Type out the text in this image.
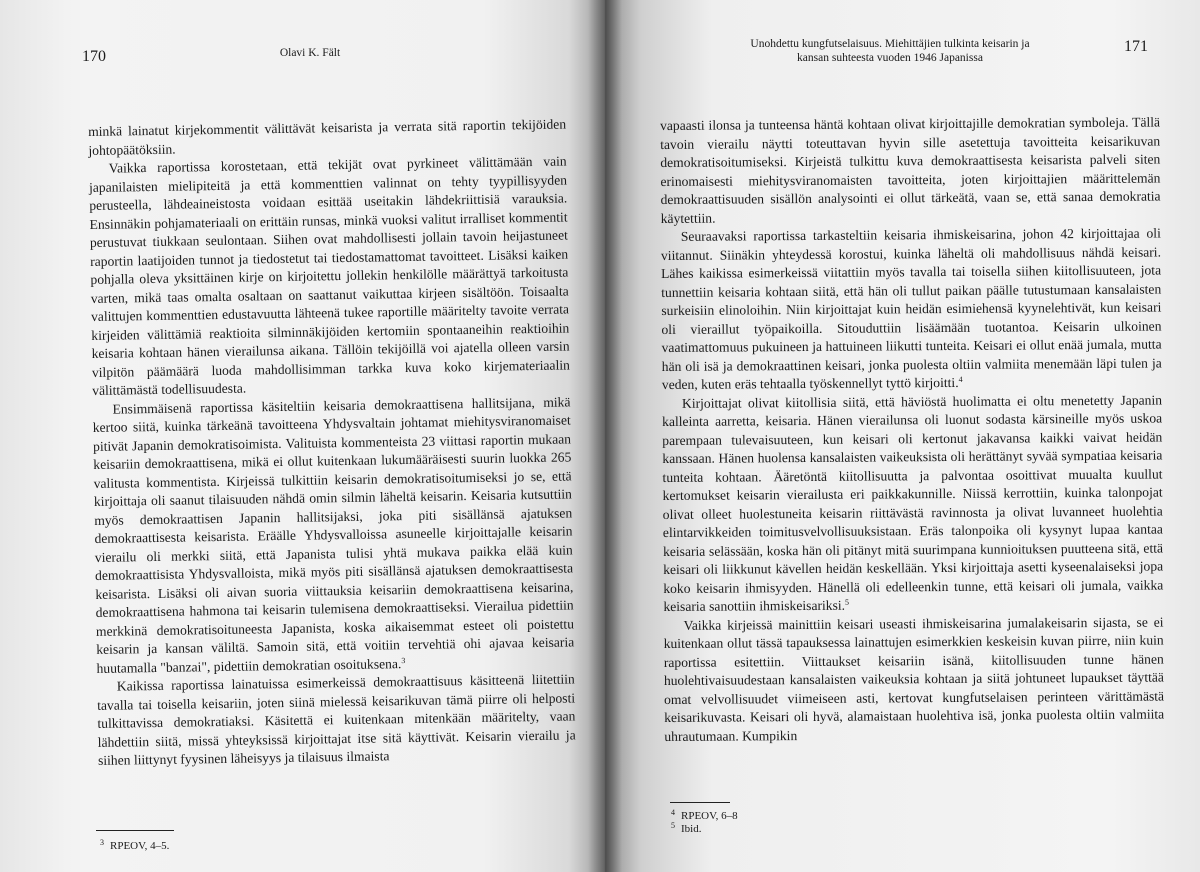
170	Olavi K. Fält

minkä lainatut kirjekommentit välittävät keisarista ja verrata sitä raportin tekijöiden johtopäätöksiin.

Vaikka raportissa korostetaan, että tekijät ovat pyrkineet välittämään vain japanilaisten mielipiteitä ja että kommenttien valinnat on tehty tyypillisyyden perusteella, lähdeaineistosta voidaan esittää useitakin lähdekriittisiä varauksia. Ensinnäkin pohjamateriaali on erittäin runsas, minkä vuoksi valitut irralliset kommentit perustuvat tiukkaan seulontaan. Siihen ovat mahdollisesti jollain tavoin heijastuneet raportin laatijoiden tunnot ja tiedostetut tai tiedostamattomat tavoitteet. Lisäksi kaiken pohjalla oleva yksittäinen kirje on kirjoitettu jollekin henkilölle määrättyä tarkoitusta varten, mikä taas omalta osaltaan on saattanut vaikuttaa kirjeen sisältöön. Toisaalta valittujen kommenttien edustavuutta lähteenä tukee raportille määritelty tavoite verrata kirjeiden välittämiä reaktioita silminnäkijöiden kertomiin spontaaneihin reaktioihin keisaria kohtaan hänen vierailunsa aikana. Tällöin tekijöillä voi ajatella olleen varsin vilpitön päämäärä luoda mahdollisimman tarkka kuva koko kirjemateriaalin välittämästä todellisuudesta.

Ensimmäisenä raportissa käsiteltiin keisaria demokraattisena hallitsijana, mikä kertoo siitä, kuinka tärkeänä tavoitteena Yhdysvaltain johtamat miehitysviranomaiset pitivät Japanin demokratisoimista. Valituista kommenteista 23 viittasi raportin mukaan keisariin demokraattisena, mikä ei ollut kuitenkaan lukumääräisesti suurin luokka 265 valitusta kommentista. Kirjeissä tulkittiin keisarin demokratisoitumiseksi jo se, että kirjoittaja oli saanut tilaisuuden nähdä omin silmin läheltä keisarin. Keisaria kutsuttiin myös demokraattisen Japanin hallitsijaksi, joka piti sisällänsä ajatuksen demokraattisesta keisarista. Eräälle Yhdysvalloissa asuneelle kirjoittajalle keisarin vierailu oli merkki siitä, että Japanista tulisi yhtä mukava paikka elää kuin demokraattisista Yhdysvalloista, mikä myös piti sisällänsä ajatuksen demokraattisesta keisarista. Lisäksi oli aivan suoria viittauksia keisariin demokraattisena keisarina, demokraattisena hahmona tai keisarin tulemisena demokraattiseksi. Vierailua pidettiin merkkinä demokratisoituneesta Japanista, koska aikaisemmat esteet oli poistettu keisarin ja kansan väliltä. Samoin sitä, että voitiin tervehtiä ohi ajavaa keisaria huutamalla "banzai", pidettiin demokratian osoituksena.$^3$

Kaikissa raportissa lainatuissa esimerkeissä demokraattisuus käsitteenä liitettiin tavalla tai toisella keisariin, joten siinä mielessä keisarikuvan tämä piirre oli helposti tulkittavissa demokratiaksi. Käsitettä ei kuitenkaan mitenkään määritelty, vaan lähdettiin siitä, missä yhteyksissä kirjoittajat itse sitä käyttivät. Keisarin vierailu ja siihen liittynyt fyysinen läheisyys ja tilaisuus ilmaista

$^3$ RPEOV, 4–5.
Unohdettu kungfutselaisuus. Miehittäjien tulkinta keisarin ja
kansan suhteesta vuoden 1946 Japanissa
171

vapaasti ilonsa ja tunteensa häntä kohtaan olivat kirjoittajille demokratian symboleja. Tällä tavoin vierailu näytti toteuttavan hyvin sille asetettuja tavoitteita keisarikuvan demokratisoitumiseksi. Kirjeistä tulkittu kuva demokraattisesta keisarista palveli siten erinomaisesti miehitysviranomaisten tavoitteita, joten kirjoittajien määrittelemän demokraattisuuden sisällön analysointi ei ollut tärkeätä, vaan se, että sanaa demokratia käytettiin.

Seuraavaksi raportissa tarkasteltiin keisaria ihmiskeisarina, johon 42 kirjoittajaa oli viitannut. Siinäkin yhteydessä korostui, kuinka läheltä oli mahdollisuus nähdä keisari. Lähes kaikissa esimerkeissä viitattiin myös tavalla tai toisella siihen kiitollisuuteen, jota tunnettiin keisaria kohtaan siitä, että hän oli tullut paikan päälle tutustumaan kansalaisten surkeisiin elinoloihin. Niin kirjoittajat kuin heidän esimiehensä kyynelehtivät, kun keisari oli vieraillut työpaikoilla. Sitouduttiin lisäämään tuotantoa. Keisarin ulkoinen vaatimattomuus pukuineen ja hattuineen liikutti tunteita. Keisari ei ollut enää jumala, mutta hän oli isä ja demokraattinen keisari, jonka puolesta oltiin valmiita menemään läpi tulen ja veden, kuten eräs tehtaalla työskennellyt tyttö kirjoitti.$^4$

Kirjoittajat olivat kiitollisia siitä, että häviöstä huolimatta ei oltu menetetty Japanin kalleinta aarretta, keisaria. Hänen vierailunsa oli luonut sodasta kärsineille myös uskoa parempaan tulevaisuuteen, kun keisari oli kertonut jakavansa kaikki vaivat heidän kanssaan. Hänen huolensa kansalaisten vaikeuksista oli herättänyt syvää sympatiaa keisaria tunteita kohtaan. Ääretöntä kiitollisuutta ja palvontaa osoittivat muualta kuullut kertomukset keisarin vierailusta eri paikkakunnille. Niissä kerrottiin, kuinka talonpojat olivat olleet huolestuneita keisarin riittävästä ravinnosta ja olivat luvanneet huolehtia elintarvikkeiden toimitusvelvollisuuksistaan. Eräs talonpoika oli kysynyt lupaa kantaa keisaria selässään, koska hän oli pitänyt mitä suurimpana kunnioituksen puutteena sitä, että keisari oli liikkunut kävellen heidän keskellään. Yksi kirjoittaja asetti kyseenalaiseksi jopa koko keisarin ihmisyyden. Hänellä oli edelleenkin tunne, että keisari oli jumala, vaikka keisaria sanottiin ihmiskeisariksi.$^5$

Vaikka kirjeissä mainittiin keisari useasti ihmiskeisarina jumalakeisarin sijasta, se ei kuitenkaan ollut tässä tapauksessa lainattujen esimerkkien keskeisin kuvan piirre, niin kuin raportissa esitettiin. Viittaukset keisariin isänä, kiitollisuuden tunne hänen huolehtivaisuudestaan kansalaisten vaikeuksia kohtaan ja siitä johtuneet lupaukset täyttää omat velvollisuudet viimeiseen asti, kertovat kungfutselaisen perinteen värittämästä keisarikuvasta. Keisari oli hyvä, alamaistaan huolehtiva isä, jonka puolesta oltiin valmiita uhrautumaan. Kumpikin

$^4$ RPEOV, 6–8
$^5$ Ibid.
